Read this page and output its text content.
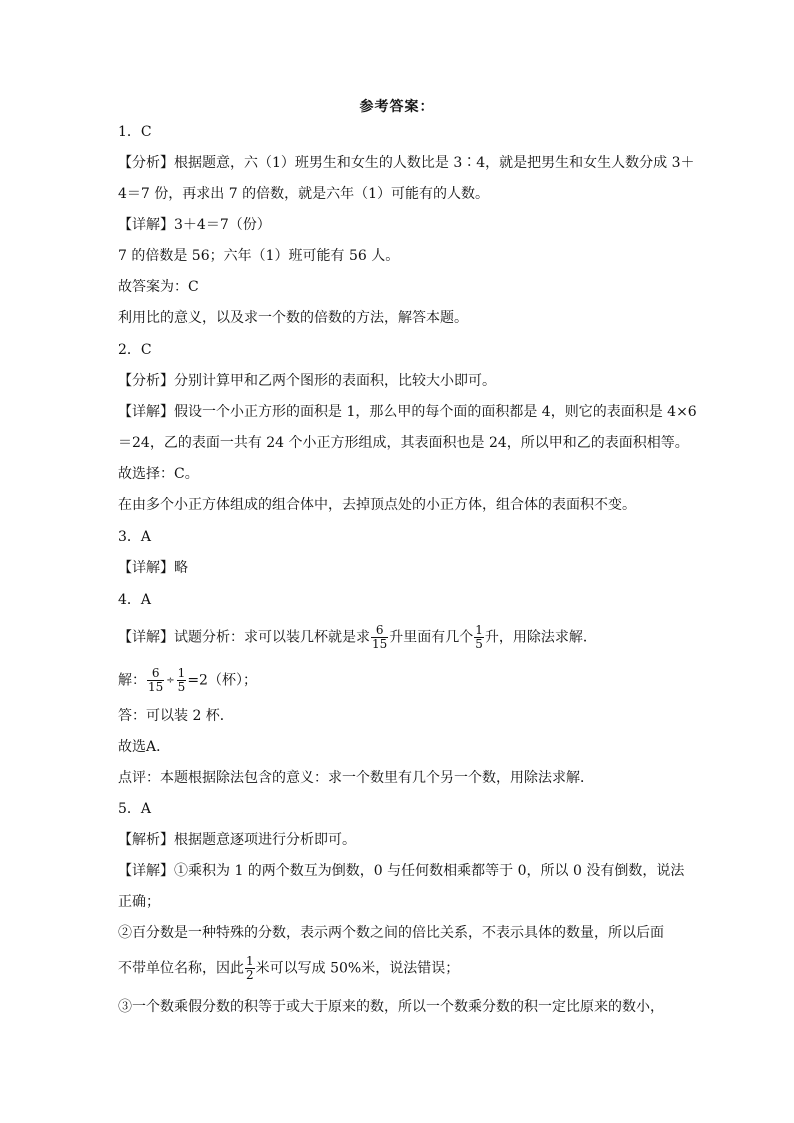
参考答案：
1．C
【分析】根据题意，六（1）班男生和女生的人数比是 3∶4，就是把男生和女生人数分成 3＋
4＝7 份，再求出 7 的倍数，就是六年（1）可能有的人数。
【详解】3＋4＝7（份）
7 的倍数是 56；六年（1）班可能有 56 人。
故答案为：C
利用比的意义，以及求一个数的倍数的方法，解答本题。
2．C
【分析】分别计算甲和乙两个图形的表面积，比较大小即可。
【详解】假设一个小正方形的面积是 1，那么甲的每个面的面积都是 4，则它的表面积是 4×6
＝24，乙的表面一共有 24 个小正方形组成，其表面积也是 24，所以甲和乙的表面积相等。
故选择：C。
在由多个小正方体组成的组合体中，去掉顶点处的小正方体，组合体的表面积不变。
3．A
【详解】略
4．A
【详解】试题分析：求可以装几杯就是求 $\frac{6}{15}$ 升里面有几个 $\frac{1}{5}$ 升，用除法求解．
解： $\frac{6}{15} \div \frac{1}{5} =2$（杯）；
答：可以装 2 杯．
故选A．
点评：本题根据除法包含的意义：求一个数里有几个另一个数，用除法求解．
5．A
【解析】根据题意逐项进行分析即可。
【详解】①乘积为 1 的两个数互为倒数，0 与任何数相乘都等于 0，所以 0 没有倒数，说法
正确；
②百分数是一种特殊的分数，表示两个数之间的倍比关系，不表示具体的数量，所以后面
不带单位名称，因此 $\frac{1}{2}$ 米可以写成 50%米，说法错误；
③一个数乘假分数的积等于或大于原来的数，所以一个数乘分数的积一定比原来的数小，
